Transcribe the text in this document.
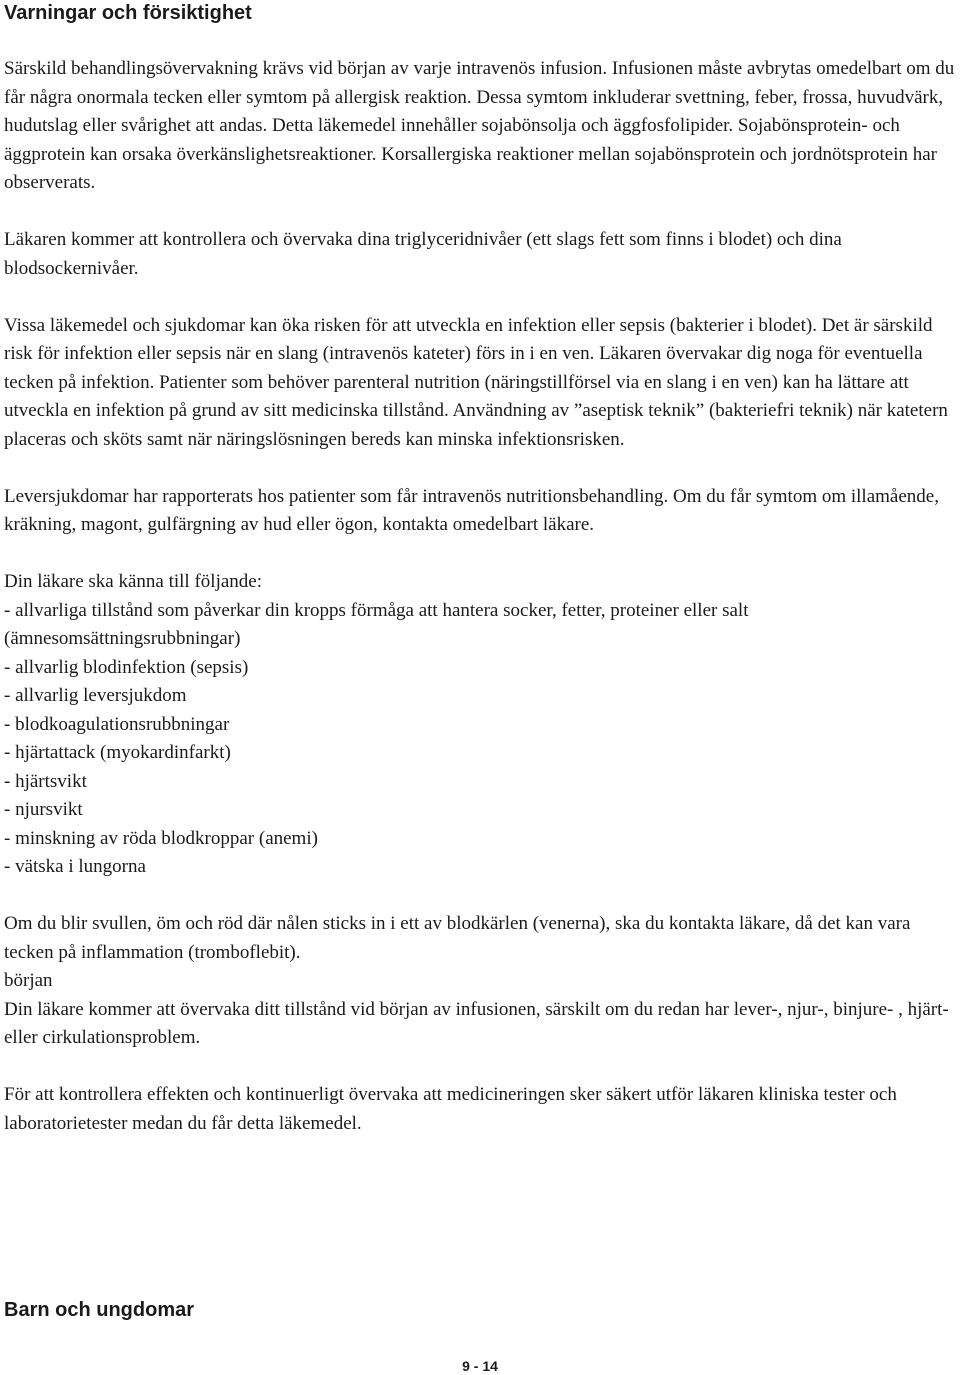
Varningar och försiktighet

Särskild behandlingsövervakning krävs vid början av varje intravenös infusion. Infusionen måste avbrytas omedelbart om du får några onormala tecken eller symtom på allergisk reaktion. Dessa symtom inkluderar svettning, feber, frossa, huvudvärk, hudutslag eller svårighet att andas. Detta läkemedel innehåller sojabönsolja och äggfosfolipider. Sojabönsprotein- och äggprotein kan orsaka överkänslighetsreaktioner. Korsallergiska reaktioner mellan sojabönsprotein och jordnötsprotein har observerats.

Läkaren kommer att kontrollera och övervaka dina triglyceridnivåer (ett slags fett som finns i blodet) och dina blodsockernivåer.

Vissa läkemedel och sjukdomar kan öka risken för att utveckla en infektion eller sepsis (bakterier i blodet). Det är särskild risk för infektion eller sepsis när en slang (intravenös kateter) förs in i en ven. Läkaren övervakar dig noga för eventuella tecken på infektion. Patienter som behöver parenteral nutrition (näringstillförsel via en slang i en ven) kan ha lättare att utveckla en infektion på grund av sitt medicinska tillstånd. Användning av ”aseptisk teknik” (bakteriefri teknik) när katetern placeras och sköts samt när näringslösningen bereds kan minska infektionsrisken.

Leversjukdomar har rapporterats hos patienter som får intravenös nutritionsbehandling. Om du får symtom om illamående, kräkning, magont, gulfärgning av hud eller ögon, kontakta omedelbart läkare.

Din läkare ska känna till följande:

- allvarliga tillstånd som påverkar din kropps förmåga att hantera socker, fetter, proteiner eller salt (ämnesomsättningsrubbningar)
- allvarlig blodinfektion (sepsis)
- allvarlig leversjukdom
- blodkoagulationsrubbningar
- hjärtattack (myokardinfarkt)
- hjärtsvikt
- njursvikt
- minskning av röda blodkroppar (anemi)
- vätska i lungorna

Om du blir svullen, öm och röd där nålen sticks in i ett av blodkärlen (venerna), ska du kontakta läkare, då det kan vara tecken på inflammation (tromboflebit).

början

Din läkare kommer att övervaka ditt tillstånd vid början av infusionen, särskilt om du redan har lever-, njur-, binjure- , hjärt- eller cirkulationsproblem.

För att kontrollera effekten och kontinuerligt övervaka att medicineringen sker säkert utför läkaren kliniska tester och laboratorietester medan du får detta läkemedel.

Barn och ungdomar
9 - 14
